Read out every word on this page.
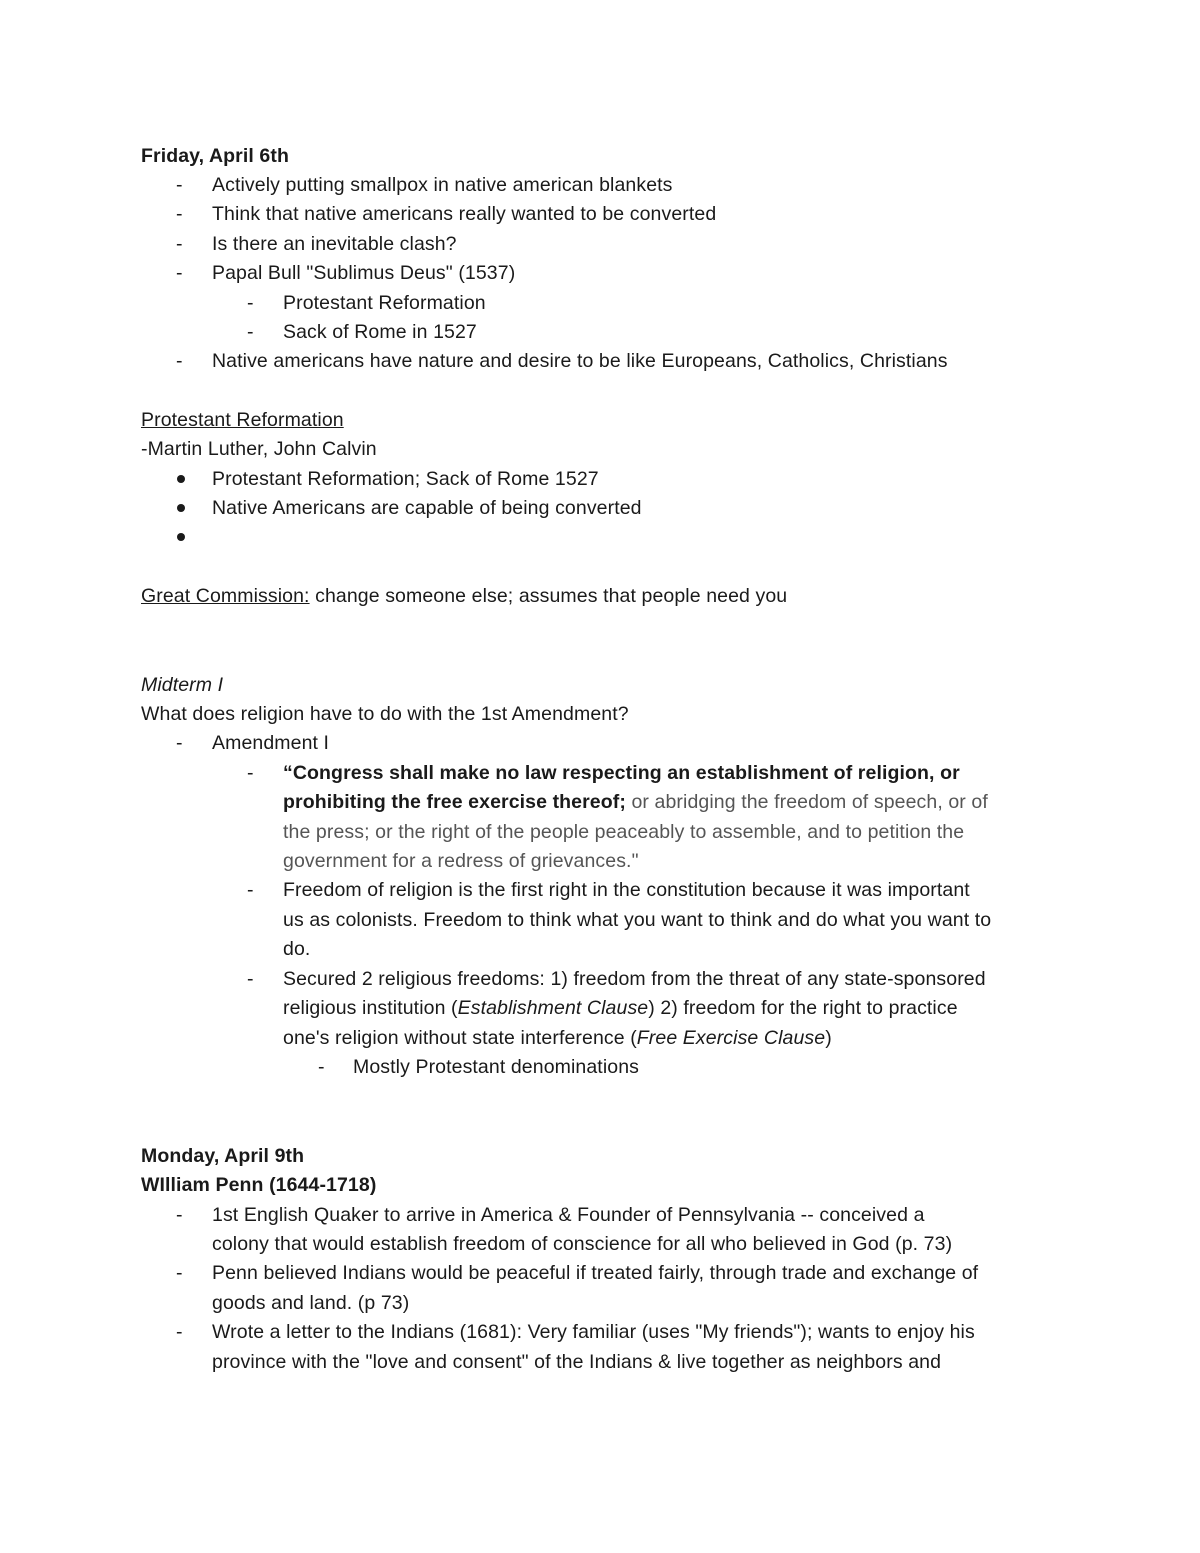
Friday, April 6th
- Actively putting smallpox in native american blankets
- Think that native americans really wanted to be converted
- Is there an inevitable clash?
- Papal Bull "Sublimus Deus" (1537)
- Protestant Reformation
- Sack of Rome in 1527
- Native americans have nature and desire to be like Europeans, Catholics, Christians
Protestant Reformation
-Martin Luther, John Calvin
Protestant Reformation; Sack of Rome 1527
Native Americans are capable of being converted
Great Commission: change someone else; assumes that people need you
Midterm I
What does religion have to do with the 1st Amendment?
- Amendment I
- “Congress shall make no law respecting an establishment of religion, or
prohibiting the free exercise thereof; or abridging the freedom of speech, or of
the press; or the right of the people peaceably to assemble, and to petition the
government for a redress of grievances."
- Freedom of religion is the first right in the constitution because it was important
us as colonists. Freedom to think what you want to think and do what you want to
do.
- Secured 2 religious freedoms: 1) freedom from the threat of any state-sponsored
religious institution (Establishment Clause) 2) freedom for the right to practice
one's religion without state interference (Free Exercise Clause)
- Mostly Protestant denominations
Monday, April 9th
WIlliam Penn (1644-1718)
- 1st English Quaker to arrive in America & Founder of Pennsylvania -- conceived a
colony that would establish freedom of conscience for all who believed in God (p. 73)
- Penn believed Indians would be peaceful if treated fairly, through trade and exchange of
goods and land. (p 73)
- Wrote a letter to the Indians (1681): Very familiar (uses "My friends"); wants to enjoy his
province with the "love and consent" of the Indians & live together as neighbors and
